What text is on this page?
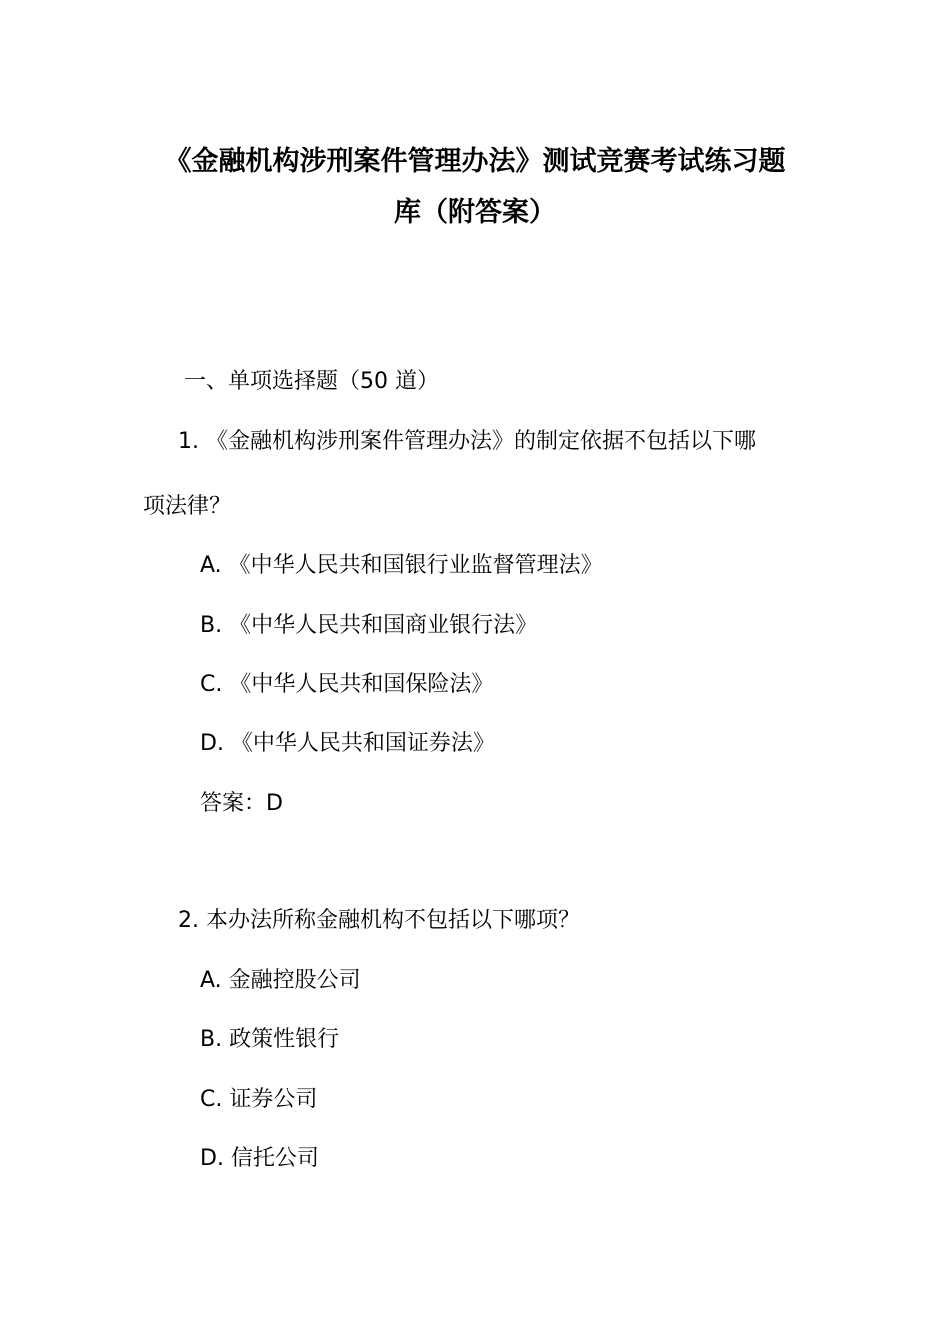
《金融机构涉刑案件管理办法》测试竞赛考试练习题
库（附答案）
一、单项选择题（50 道）
1. 《金融机构涉刑案件管理办法》的制定依据不包括以下哪
项法律？
A. 《中华人民共和国银行业监督管理法》
B. 《中华人民共和国商业银行法》
C. 《中华人民共和国保险法》
D. 《中华人民共和国证券法》
答案：D
2. 本办法所称金融机构不包括以下哪项？
A. 金融控股公司
B. 政策性银行
C. 证券公司
D. 信托公司
